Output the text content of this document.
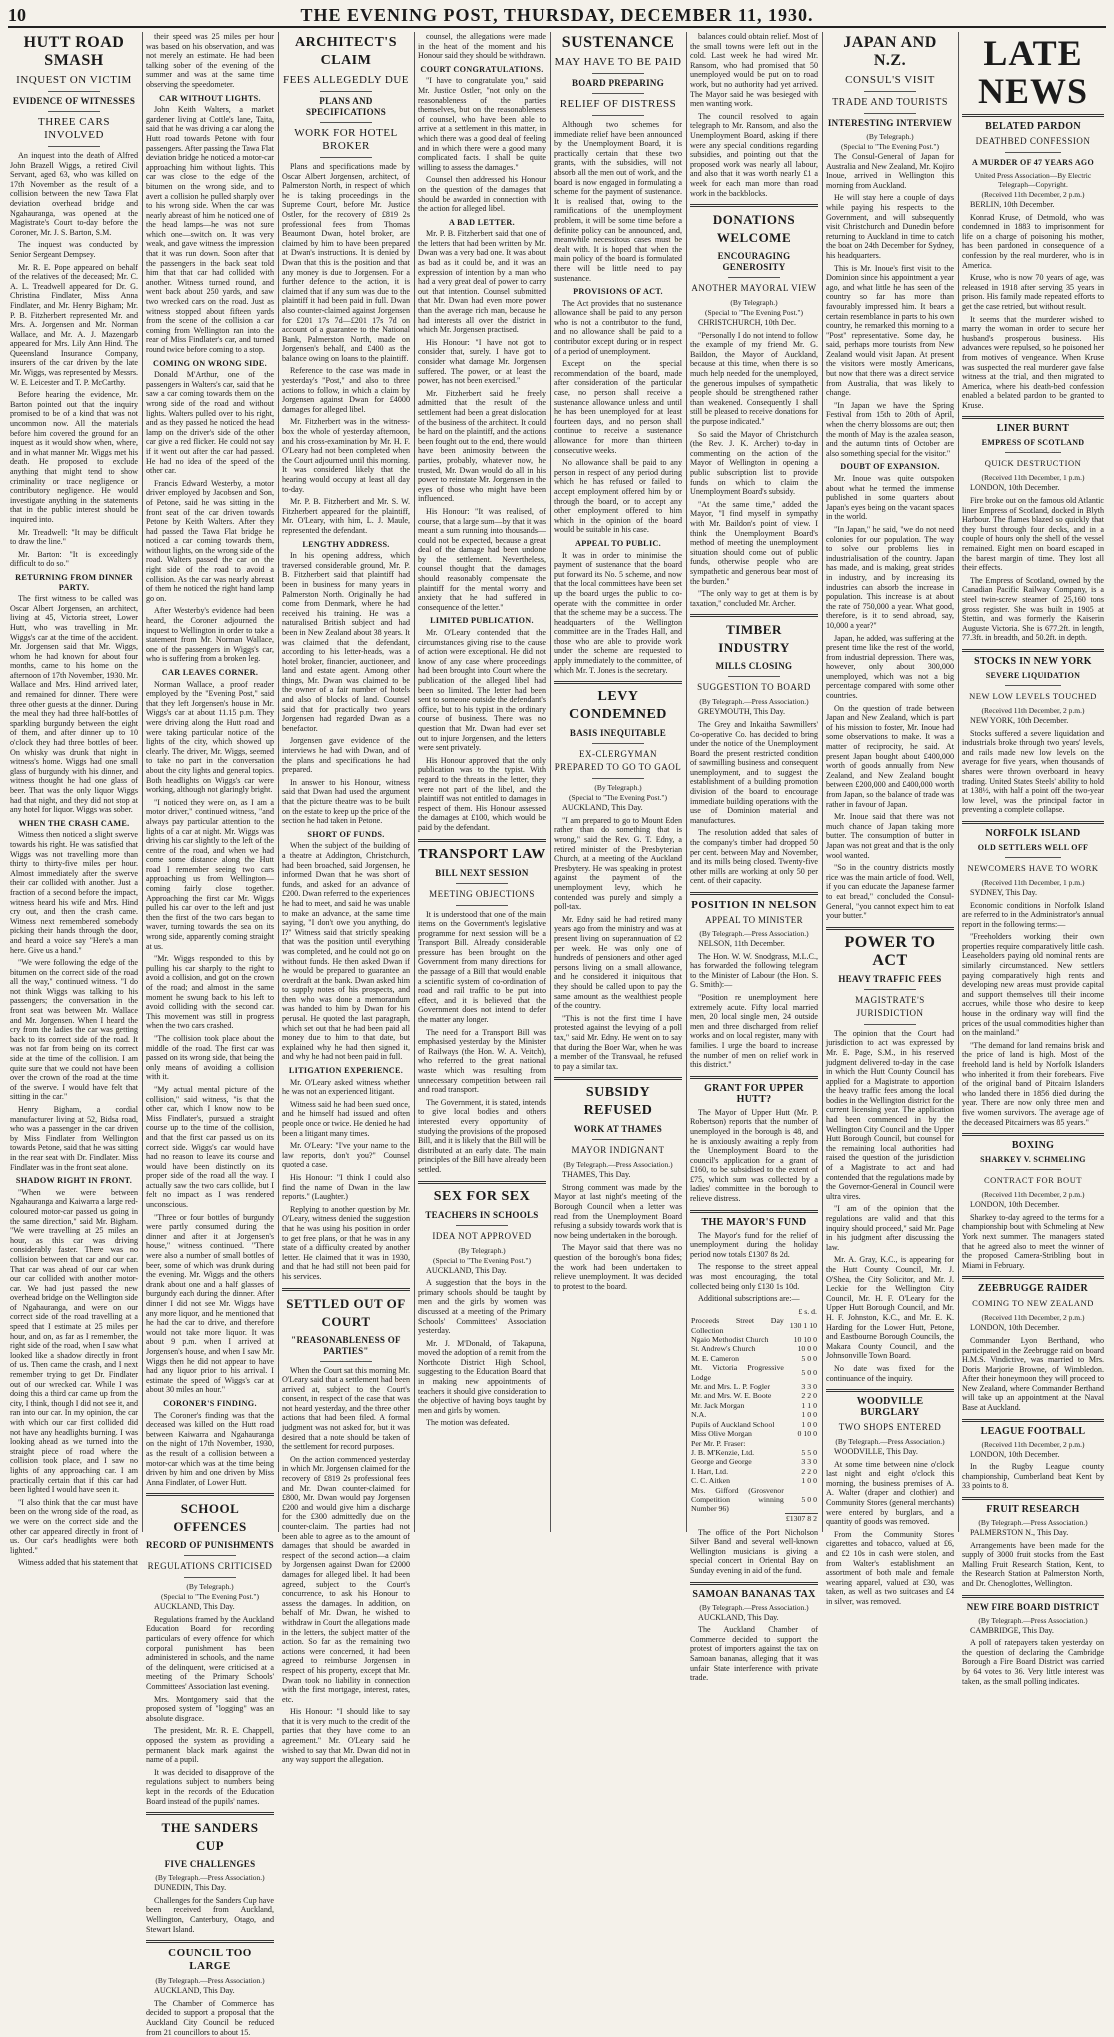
10	THE EVENING POST, THURSDAY, DECEMBER 11, 1930.
HUTT ROAD SMASH
INQUEST ON VICTIM
EVIDENCE OF WITNESSES
THREE CARS INVOLVED

An inquest into the death of Alfred John Brazell Wiggs, a retired Civil Servant, aged 63, who was killed on 17th November as the result of a collision between the new Tawa Flat deviation overhead bridge and Ngahauranga, was opened at the Magistrate's Court to-day before the Coroner, Mr. J. S. Barton, S.M.

The inquest was conducted by Senior Sergeant Dempsey.

Mr. R. E. Pope appeared on behalf of the relatives of the deceased; Mr. C. A. L. Treadwell appeared for Dr. G. Christina Findlater, Miss Anna Findlater, and Mr. Henry Bigham; Mr. P. B. Fitzherbert represented Mr. and Mrs. A. Jorgensen and Mr. Norman Wallace, and Mr. A. J. Mazengarb appeared for Mrs. Lily Ann Hind. The Queensland Insurance Company, insurers of the car driven by the late Mr. Wiggs, was represented by Messrs. W. E. Leicester and T. P. McCarthy.

Before hearing the evidence, Mr. Barton pointed out that the inquiry promised to be of a kind that was not uncommon now. All the materials before him covered the ground for an inquest as it would show when, where, and in what manner Mr. Wiggs met his death. He proposed to exclude anything that might tend to show criminality or trace negligence or contributory negligence. He would investigate anything in the statements that in the public interest should be inquired into.

Mr. Treadwell: "It may be difficult to draw the line."

Mr. Barton: "It is exceedingly difficult to do so."

RETURNING FROM DINNER PARTY.

The first witness to be called was Oscar Albert Jorgensen, an architect, living at 45, Victoria street, Lower Hutt, who was travelling in Mr. Wiggs's car at the time of the accident. Mr. Jorgensen said that Mr. Wiggs, whom he had known for about four months, came to his home on the afternoon of 17th November, 1930. Mr. Wallace and Mrs. Hind arrived later, and remained for dinner. There were three other guests at the dinner. During the meal they had three half-bottles of sparkling burgundy between the eight of them, and after dinner up to 10 o'clock they had three bottles of beer. On whisky was drunk that night in witness's home. Wiggs had one small glass of burgundy with his dinner, and witness thought he had one glass of beer. That was the only liquor Wiggs had that night, and they did not stop at any hotel for liquor. Wiggs was sober.

WHEN THE CRASH CAME.

Witness then noticed a slight swerve towards his right. He was satisfied that Wiggs was not travelling more than thirty to thirty-five miles per hour. Almost immediately after the swerve their car collided with another. Just a fraction of a second before the impact, witness heard his wife and Mrs. Hind cry out, and then the crash came. Witness next remembered somebody picking their hands through the door, and heard a voice say "Here's a man here. Give us a hand."

"We were following the edge of the bitumen on the correct side of the road all the way," continued witness. "I do not think Wiggs was talking to his passengers; the conversation in the front seat was between Mr. Wallace and Mr. Jorgensen. When I heard the cry from the ladies the car was getting back to its correct side of the road. It was not far from being on its correct side at the time of the collision. I am quite sure that we could not have been over the crown of the road at the time of the swerve. I would have felt that sitting in the car."

Henry Bigham, a cordial manufacturer living at 52, Bidsa road, who was a passenger in the car driven by Miss Findlater from Wellington towards Petone, said that he was sitting in the rear seat with Dr. Findlater. Miss Findlater was in the front seat alone.

SHADOW RIGHT IN FRONT.

"When we were between Ngahauranga and Kaiwarra a large red-coloured motor-car passed us going in the same direction," said Mr. Bigham. "We were travelling at 25 miles an hour, as this car was driving considerably faster. There was no collision between that car and our car. That car was ahead of our car when our car collided with another motor-car. We had just passed the new overhead bridge on the Wellington side of Ngahauranga, and were on our correct side of the road travelling at a speed that I estimate at 25 miles per hour, and on, as far as I remember, the right side of the road, when I saw what looked like a shadow directly in front of us. Then came the crash, and I next remember trying to get Dr. Findlater out of our wrecked car. While I was doing this a third car came up from the city, I think, though I did not see it, and ran into our car. In my opinion, the car with which our car first collided did not have any headlights burning. I was looking ahead as we turned into the straight piece of road where the collision took place, and I saw no lights of any approaching car. I am practically certain that if this car had been lighted I would have seen it.

"I also think that the car must have been on the wrong side of the road, as we were on the correct side and the other car appeared directly in front of us. Our car's headlights were both lighted."

Witness added that his statement that

their speed was 25 miles per hour was based on his observation, and was not merely an estimate. He had been talking sober of the evening of the summer and was at the same time observing the speedometer.

CAR WITHOUT LIGHTS.

John Keith Walters, a market gardener living at Cottle's lane, Taita, said that he was driving a car along the Hutt road towards Petone with four passengers. After passing the Tawa Flat deviation bridge he noticed a motor-car approaching him without lights. This car was close to the edge of the bitumen on the wrong side, and to avert a collision he pulled sharply over to his wrong side. When the car was nearly abreast of him he noticed one of the head lamps—he was not sure which one—switch on. It was very weak, and gave witness the impression that it was run down. Soon after that the passengers in the back seat told him that that car had collided with another. Witness turned round, and went back about 250 yards, and saw two wrecked cars on the road. Just as witness stopped about fifteen yards from the scene of the collision a car coming from Wellington ran into the rear of Miss Findlater's car, and turned round twice before coming to a stop.

COMING ON WRONG SIDE.

Donald M'Arthur, one of the passengers in Walters's car, said that he saw a car coming towards them on the wrong side of the road and without lights. Walters pulled over to his right, and as they passed he noticed the head lamp on the driver's side of the other car give a red flicker. He could not say if it went out after the car had passed. He had no idea of the speed of the other car.

Francis Edward Westerby, a motor driver employed by Jacobsen and Son, of Petone, said he was sitting in the front seat of the car driven towards Petone by Keith Walters. After they had passed the Tawa Flat bridge he noticed a car coming towards them, without lights, on the wrong side of the road. Walters passed the car on the right side of the road to avoid a collision. As the car was nearly abreast of them he noticed the right hand lamp go on.

After Westerby's evidence had been heard, the Coroner adjourned the inquest to Wellington in order to take a statement from Mr. Norman Wallace, one of the passengers in Wiggs's car, who is suffering from a broken leg.

CAR LEAVES CORNER.

Norman Wallace, a proof reader employed by the "Evening Post," said that they left Jorgensen's house in Mr. Wiggs's car at about 11.15 p.m. They were driving along the Hutt road and were taking particular notice of the lights of the city, which showed up clearly. The driver, Mr. Wiggs, seemed to take no part in the conversation about the city lights and general topics. Both headlights on Wiggs's car were working, although not glaringly bright.

"I noticed they were on, as I am a motor driver," continued witness, "and always pay particular attention to the lights of a car at night. Mr. Wiggs was driving his car slightly to the left of the centre of the road, and when we had come some distance along the Hutt road I remember seeing two cars approaching us from Wellington—coming fairly close together. Approaching the first car Mr. Wiggs pulled his car over to the left and just then the first of the two cars began to waver, turning towards the sea on its wrong side, apparently coming straight at us.

"Mr. Wiggs responded to this by pulling his car sharply to the right to avoid a collision, and got on the crown of the road; and almost in the same moment he swung back to his left to avoid colliding with the second car. This movement was still in progress when the two cars crashed.

"The collision took place about the middle of the road. The first car was passed on its wrong side, that being the only means of avoiding a collision with it.

"My actual mental picture of the collision," said witness, "is that the other car, which I know now to be Miss Findlater's, pursued a straight course up to the time of the collision, and that the first car passed us on its correct side. Wiggs's car would have had no reason to leave its course and would have been distinctly on its proper side of the road all the way. I actually saw the two cars collide, but I felt no impact as I was rendered unconscious.

"Three or four bottles of burgundy were partly consumed during the dinner and after it at Jorgensen's house," witness continued. "There were also a number of small bottles of beer, some of which was drunk during the evening. Mr. Wiggs and the others drank about one and a half glasses of burgundy each during the dinner. After dinner I did not see Mr. Wiggs have any more liquor, and he mentioned that he had the car to drive, and therefore would not take more liquor. It was about 9 p.m. when I arrived at Jorgensen's house, and when I saw Mr. Wiggs then he did not appear to have had any liquor prior to his arrival. I estimate the speed of Wiggs's car at about 30 miles an hour."

CORONER'S FINDING.

The Coroner's finding was that the deceased was killed on the Hutt road between Kaiwarra and Ngahauranga on the night of 17th November, 1930, as the result of a collision between a motor-car which was at the time being driven by him and one driven by Miss Anna Findlater, of Lower Hutt.

SCHOOL OFFENCES
RECORD OF PUNISHMENTS
REGULATIONS CRITICISED
(By Telegraph.)
(Special to "The Evening Post.")

AUCKLAND, This Day.

Regulations framed by the Auckland Education Board for recording particulars of every offence for which corporal punishment has been administered in schools, and the name of the delinquent, were criticised at a meeting of the Primary Schools' Committees' Association last evening.

Mrs. Montgomery said that the proposed system of "logging" was an absolute disgrace.

The president, Mr. R. E. Chappell, opposed the system as providing a permanent black mark against the name of a pupil.

It was decided to disapprove of the regulations subject to numbers being kept in the records of the Education Board instead of the pupils' names.

THE SANDERS CUP
FIVE CHALLENGES
(By Telegraph.—Press Association.)

DUNEDIN, This Day.

Challenges for the Sanders Cup have been received from Auckland, Wellington, Canterbury, Otago, and Stewart Island.

COUNCIL TOO LARGE
(By Telegraph.—Press Association.)

AUCKLAND, This Day.

The Chamber of Commerce has decided to support a proposal that the Auckland City Council be reduced from 21 councillors to about 15.

ARCHITECT'S CLAIM
FEES ALLEGEDLY DUE
PLANS AND SPECIFICATIONS
WORK FOR HOTEL BROKER

Plans and specifications made by Oscar Albert Jorgensen, architect, of Palmerston North, in respect of which he is taking proceedings in the Supreme Court, before Mr. Justice Ostler, for the recovery of £819 2s professional fees from Thomas Beaumont Dwan, hotel broker, are claimed by him to have been prepared at Dwan's instructions. It is denied by Dwan that this is the position and that any money is due to Jorgensen. For a further defence to the action, it is claimed that if any sum was due to the plaintiff it had been paid in full. Dwan also counter-claimed against Jorgensen for £201 17s 7d—£201 17s 7d on account of a guarantee to the National Bank, Palmerston North, made on Jorgensen's behalf, and £400 as the balance owing on loans to the plaintiff.

Reference to the case was made in yesterday's "Post," and also to three actions to follow, in which a claim by Jorgensen against Dwan for £4000 damages for alleged libel.

Mr. Fitzherbert was in the witness-box the whole of yesterday afternoon, and his cross-examination by Mr. H. F. O'Leary had not been completed when the Court adjourned until this morning. It was considered likely that the hearing would occupy at least all day to-day.

Mr. P. B. Fitzherbert and Mr. S. W. Fitzherbert appeared for the plaintiff, Mr. O'Leary, with him, L. J. Maule, represented the defendant.

LENGTHY ADDRESS.

In his opening address, which traversed considerable ground, Mr. P. B. Fitzherbert said that plaintiff had been in business for many years in Palmerston North. Originally he had come from Denmark, where he had received his training. He was a naturalised British subject and had been in New Zealand about 38 years. It was claimed that the defendant, according to his letter-heads, was a hotel broker, financier, auctioneer, and land and estate agent. Among other things, Mr. Dwan was claimed to be the owner of a fair number of hotels and also of blocks of land. Counsel said that for practically two years Jorgensen had regarded Dwan as a benefactor.

Jorgensen gave evidence of the interviews he had with Dwan, and of the plans and specifications he had prepared.

In answer to his Honour, witness said that Dwan had used the argument that the picture theatre was to be built on the estate to keep up the price of the section he had taken in Petone.

SHORT OF FUNDS.

When the subject of the building of a theatre at Addington, Christchurch, had been broached, said Jorgensen, he informed Dwan that he was short of funds, and asked for an advance of £200. Dwan referred to the experiences he had to meet, and said he was unable to make an advance, at the same time saying, "I don't owe you anything, do I?" Witness said that strictly speaking that was the position until everything was completed, and he could not go on without funds. He then asked Dwan if he would be prepared to guarantee an overdraft at the bank. Dwan asked him to supply notes of his prospects, and then who was done a memorandum was handed to him by Dwan for his perusal. He quoted the last paragraph, which set out that he had been paid all money due to him to that date, but explained why he had then signed it, and why he had not been paid in full.

LITIGATION EXPERIENCE.

Mr. O'Leary asked witness whether he was not an experienced litigant.

Witness said he had been sued once, and he himself had issued and often people once or twice. He denied he had been a litigant many times.

Mr. O'Leary: "I've your name to the law reports, don't you?" Counsel quoted a case.

His Honour: "I think I could also find the name of Dwan in the law reports." (Laughter.)

Replying to another question by Mr. O'Leary, witness denied the suggestion that he was using his position in order to get free plans, or that he was in any state of a difficulty created by another letter. He claimed that it was in 1930, and that he had still not been paid for his services.

SETTLED OUT OF COURT
"REASONABLENESS OF PARTIES"

When the Court sat this morning Mr. O'Leary said that a settlement had been arrived at, subject to the Court's consent, in respect of the case that was not heard yesterday, and the three other actions that had been filed. A formal judgment was not asked for, but it was desired that a note should be taken of the settlement for record purposes.

On the action commenced yesterday in which Mr. Jorgensen claimed for the recovery of £819 2s professional fees and Mr. Dwan counter-claimed for £800, Mr. Dwan would pay Jorgensen £200 and would give him a discharge for the £300 admittedly due on the counter-claim. The parties had not been able to agree as to the amount of damages that should be awarded in respect of the second action—a claim by Jorgensen against Dwan for £2000 damages for alleged libel. It had been agreed, subject to the Court's concurrence, to ask his Honour to assess the damages. In addition, on behalf of Mr. Dwan, he wished to withdraw in Court the allegations made in the letters, the subject matter of the action. So far as the remaining two actions were concerned, it had been agreed to reimburse Jorgensen in respect of his property, except that Mr. Dwan took no liability in connection with the first mortgage, interest, rates, etc.

His Honour: "I should like to say that it is very much to the credit of the parties that they have come to an agreement." Mr. O'Leary said he wished to say that Mr. Dwan did not in any way support the allegation.

counsel, the allegations were made in the heat of the moment and his Honour said they should be withdrawn.

COURT CONGRATULATIONS.

"I have to congratulate you," said Mr. Justice Ostler, "not only on the reasonableness of the parties themselves, but on the reasonableness of counsel, who have been able to arrive at a settlement in this matter, in which there was a good deal of feeling and in which there were a good many complicated facts. I shall be quite willing to assess the damages."

Counsel then addressed his Honour on the question of the damages that should be awarded in connection with the action for alleged libel.

A BAD LETTER.

Mr. P. B. Fitzherbert said that one of the letters that had been written by Mr. Dwan was a very bad one. It was about as bad as it could be, and it was an expression of intention by a man who had a very great deal of power to carry out that intention. Counsel submitted that Mr. Dwan had even more power than the average rich man, because he had interests all over the district in which Mr. Jorgensen practised.

His Honour: "I have not got to consider that, surely. I have got to consider what damage Mr. Jorgensen suffered. The power, or at least the power, has not been exercised."

Mr. Fitzherbert said he freely admitted that the result of the settlement had been a great dislocation of the business of the architect. It could be hard on the plaintiff, and the actions been fought out to the end, there would have been animosity between the parties, probably, whatever now, he trusted, Mr. Dwan would do all in his power to reinstate Mr. Jorgensen in the eyes of those who might have been influenced.

His Honour: "It was realised, of course, that a large sum—by that it was meant a sum running into thousands—could not be expected, because a great deal of the damage had been undone by the settlement. Nevertheless, counsel thought that the damages should reasonably compensate the plaintiff for the mental worry and anxiety that he had suffered in consequence of the letter."

LIMITED PUBLICATION.

Mr. O'Leary contended that the circumstances giving rise to the cause of action were exceptional. He did not know of any case where proceedings had been brought into Court where the publication of the alleged libel had been so limited. The letter had been sent to someone outside the defendant's office, but to his typist in the ordinary course of business. There was no question that Mr. Dwan had ever set out to injure Jorgensen, and the letters were sent privately.

His Honour approved that the only publication was to the typist. With regard to the threats in the letter, they were not part of the libel, and the plaintiff was not entitled to damages in respect of them. His Honour assessed the damages at £100, which would be paid by the defendant.

TRANSPORT LAW
BILL NEXT SESSION
MEETING OBJECTIONS

It is understood that one of the main items on the Government's legislative programme for next session will be a Transport Bill. Already considerable pressure has been brought on the Government from many directions for the passage of a Bill that would enable a scientific system of co-ordination of road and rail traffic to be put into effect, and it is believed that the Government does not intend to defer the matter any longer.

The need for a Transport Bill was emphasised yesterday by the Minister of Railways (the Hon. W. A. Veitch), who referred to the great national waste which was resulting from unnecessary competition between rail and road transport.

The Government, it is stated, intends to give local bodies and others interested every opportunity of studying the provisions of the proposed Bill, and it is likely that the Bill will be distributed at an early date. The main principles of the Bill have already been settled.

SEX FOR SEX
TEACHERS IN SCHOOLS
IDEA NOT APPROVED
(By Telegraph.)
(Special to "The Evening Post.")

AUCKLAND, This Day.

A suggestion that the boys in the primary schools should be taught by men and the girls by women was discussed at a meeting of the Primary Schools' Committees' Association yesterday.

Mr. J. M'Donald, of Takapuna, moved the adoption of a remit from the Northcote District High School, suggesting to the Education Board that in making new appointments of teachers it should give consideration to the objective of having boys taught by men and girls by women.

The motion was defeated.

SUSTENANCE
MAY HAVE TO BE PAID
BOARD PREPARING
RELIEF OF DISTRESS

Although two schemes for immediate relief have been announced by the Unemployment Board, it is practically certain that these two grants, with the subsidies, will not absorb all the men out of work, and the board is now engaged in formulating a scheme for the payment of sustenance. It is realised that, owing to the ramifications of the unemployment problem, it will be some time before a definite policy can be announced, and, meanwhile necessitous cases must be dealt with. It is hoped that when the main policy of the board is formulated there will be little need to pay sustenance.

PROVISIONS OF ACT.

The Act provides that no sustenance allowance shall be paid to any person who is not a contributor to the fund, and no allowance shall be paid to a contributor except during or in respect of a period of unemployment.

Except on the special recommendation of the board, made after consideration of the particular case, no person shall receive a sustenance allowance unless and until he has been unemployed for at least fourteen days, and no person shall continue to receive a sustenance allowance for more than thirteen consecutive weeks.

No allowance shall be paid to any person in respect of any period during which he has refused or failed to accept employment offered him by or through the board, or to accept any other employment offered to him which in the opinion of the board would be suitable in his case.

APPEAL TO PUBLIC.

It was in order to minimise the payment of sustenance that the board put forward its No. 5 scheme, and now that the local committees have been set up the board urges the public to co-operate with the committee in order that the scheme may be a success. The headquarters of the Wellington committee are in the Trades Hall, and those who are able to provide work under the scheme are requested to apply immediately to the committee, of which Mr. T. Jones is the secretary.

LEVY CONDEMNED
BASIS INEQUITABLE
EX-CLERGYMAN PREPARED TO GO TO GAOL
(By Telegraph.)
(Special to "The Evening Post.")

AUCKLAND, This Day.

"I am prepared to go to Mount Eden rather than do something that is wrong," said the Rev. G. T. Edny, a retired minister of the Presbyterian Church, at a meeting of the Auckland Presbytery. He was speaking in protest against the payment of the unemployment levy, which he contended was purely and simply a poll-tax.

Mr. Edny said he had retired many years ago from the ministry and was at present living on superannuation of £2 per week. He was only one of hundreds of pensioners and other aged persons living on a small allowance, and he considered it iniquitous that they should be called upon to pay the same amount as the wealthiest people of the country.

"This is not the first time I have protested against the levying of a poll tax," said Mr. Edny. He went on to say that during the Boer War, when he was a member of the Transvaal, he refused to pay a similar tax.

SUBSIDY REFUSED
WORK AT THAMES
MAYOR INDIGNANT
(By Telegraph.—Press Association.)

THAMES, This Day.

Strong comment was made by the Mayor at last night's meeting of the Borough Council when a letter was read from the Unemployment Board refusing a subsidy towards work that is now being undertaken in the borough.

The Mayor said that there was no question of the borough's bona fides; the work had been undertaken to relieve unemployment. It was decided to protest to the board.

balances could obtain relief. Most of the small towns were left out in the cold. Last week he had wired Mr. Ransom, who had promised that 50 unemployed would be put on to road work, but no authority had yet arrived. The Mayor said he was besieged with men wanting work.

The council resolved to again telegraph to Mr. Ransom, and also the Unemployment Board, asking if there were any special conditions regarding subsidies, and pointing out that the proposed work was nearly all labour, and also that it was worth nearly £1 a week for each man more than road work in the backblocks.

DONATIONS WELCOME
ENCOURAGING GENEROSITY
ANOTHER MAYORAL VIEW
(By Telegraph.)
(Special to "The Evening Post.")

CHRISTCHURCH, 10th Dec.

"Personally I do not intend to follow the example of my friend Mr. G. Baildon, the Mayor of Auckland, because at this time, when there is so much help needed for the unemployed, the generous impulses of sympathetic people should be strengthened rather than weakened. Consequently I shall still be pleased to receive donations for the purpose indicated."

So said the Mayor of Christchurch (the Rev. J. K. Archer) to-day in commenting on the action of the Mayor of Wellington in opening a public subscription list to provide funds on which to claim the Unemployment Board's subsidy.

"At the same time," added the Mayor, "I find myself in sympathy with Mr. Baildon's point of view. I think the Unemployment Board's method of meeting the unemployment situation should come out of public funds, otherwise people who are sympathetic and generous bear most of the burden."

"The only way to get at them is by taxation," concluded Mr. Archer.

TIMBER INDUSTRY
MILLS CLOSING
SUGGESTION TO BOARD
(By Telegraph.—Press Association.)

GREYMOUTH, This Day.

The Grey and Inkaitha Sawmillers' Co-operative Co. has decided to bring under the notice of the Unemployment Board the present restricted condition of sawmilling business and consequent unemployment, and to suggest the establishment of a building promotion division of the board to encourage immediate building operations with the use of Dominion material and manufactures.

The resolution added that sales of the company's timber had dropped 50 per cent. between May and November, and its mills being closed. Twenty-five other mills are working at only 50 per cent. of their capacity.

POSITION IN NELSON
APPEAL TO MINISTER
(By Telegraph.—Press Association.)

NELSON, 11th December.

The Hon. W. W. Snodgrass, M.L.C., has forwarded the following telegram to the Minister of Labour (the Hon. S. G. Smith):—

"Position re unemployment here extremely acute. Fifty local married men, 20 local single men, 24 outside men and three discharged from relief works and on local register, many with families. I urge the board to increase the number of men on relief work in this district."

GRANT FOR UPPER HUTT?

The Mayor of Upper Hutt (Mr. P. Robertson) reports that the number of unemployed in the borough is 48, and he is anxiously awaiting a reply from the Unemployment Board to the council's application for a grant of £160, to be subsidised to the extent of £75, which sum was collected by a ladies' committee in the borough to relieve distress.

THE MAYOR'S FUND

The Mayor's fund for the relief of unemployment during the holiday period now totals £1307 8s 2d.

The response to the street appeal was most encouraging, the total collected being only £130 1s 10d.

Additional subscriptions are:—

	£ s. d.
Proceeds Street Day Collection	130 1 10
Ngaio Methodist Church	10 10 0
St. Andrew's Church	10 0 0
M. E. Cameron	5 0 0
Mt. Victoria Progressive Lodge	5 0 0
Mr. and Mrs. L. P. Fogler	3 3 0
Mr. and Mrs. W. E. Boote	2 2 0
Mr. Jack Morgan	1 1 0
N.A.	1 0 0
Pupils of Auckland School	1 0 0
Miss Olive Morgan	0 10 0
Per Mr. P. Fraser:	
J. B. M'Kenzie, Ltd.	5 5 0
George and George	3 3 0
I. Hart, Ltd.	2 2 0
C. C. Aitken	1 0 0
Mrs. Gifford (Grosvenor Competition winning Number 96)	5 0 0
	£1307 8 2

The office of the Port Nicholson Silver Band and several well-known Wellington musicians is giving a special concert in Oriental Bay on Sunday evening in aid of the fund.

SAMOAN BANANAS TAX
(By Telegraph.—Press Association.)

AUCKLAND, This Day.

The Auckland Chamber of Commerce decided to support the protest of importers against the tax on Samoan bananas, alleging that it was unfair State interference with private trade.

JAPAN AND N.Z.
CONSUL'S VISIT
TRADE AND TOURISTS
INTERESTING INTERVIEW
(By Telegraph.)
(Special to "The Evening Post.")

The Consul-General of Japan for Australia and New Zealand, Mr. Kojiro Inoue, arrived in Wellington this morning from Auckland.

He will stay here a couple of days while paying his respects to the Government, and will subsequently visit Christchurch and Dunedin before returning to Auckland in time to catch the boat on 24th December for Sydney, his headquarters.

This is Mr. Inoue's first visit to the Dominion since his appointment a year ago, and what little he has seen of the country so far has more than favourably impressed him. It bears a certain resemblance in parts to his own country, he remarked this morning to a "Post" representative. Some day, he said, perhaps more tourists from New Zealand would visit Japan. At present the visitors were mostly Americans, but now that there was a direct service from Australia, that was likely to change.

"In Japan we have the Spring Festival from 15th to 20th of April, when the cherry blossoms are out; then the month of May is the azalea season, and the autumn tints of October are also something special for the visitor."

DOUBT OF EXPANSION.

Mr. Inoue was quite outspoken about what he termed the immense published in some quarters about Japan's eyes being on the vacant spaces in the world.

"In Japan," he said, "we do not need colonies for our population. The way to solve our problems lies in industrialisation of the country. Japan has made, and is making, great strides in industry, and by increasing its industries can absorb the increase in population. This increase is at about the rate of 750,000 a year. What good, therefore, is it to send abroad, say, 10,000 a year?"

Japan, he added, was suffering at the present time like the rest of the world, from industrial depression. There was, however, only about 300,000 unemployed, which was not a big percentage compared with some other countries.

On the question of trade between Japan and New Zealand, which is part of his mission to foster, Mr. Inoue had some observations to make. It was a matter of reciprocity, he said. At present Japan bought about £400,000 worth of goods annually from New Zealand, and New Zealand bought between £200,000 and £400,000 worth from Japan, so the balance of trade was rather in favour of Japan.

Mr. Inoue said that there was not much chance of Japan taking more butter. The consumption of butter in Japan was not great and that is the only wool wanted.

"So in the country districts mostly rice was the main article of food. Well, if you can educate the Japanese farmer to eat bread," concluded the Consul-General, "you cannot expect him to eat your butter."

POWER TO ACT
HEAVY TRAFFIC FEES
MAGISTRATE'S JURISDICTION

The opinion that the Court had jurisdiction to act was expressed by Mr. E. Page, S.M., in his reserved judgment delivered to-day in the case in which the Hutt County Council has applied for a Magistrate to apportion the heavy traffic fees among the local bodies in the Wellington district for the current licensing year. The application had been commenced in by the Wellington City Council and the Upper Hutt Borough Council, but counsel for the remaining local authorities had raised the question of the jurisdiction of a Magistrate to act and had contended that the regulations made by the Governor-General in Council were ultra vires.

"I am of the opinion that the regulations are valid and that this inquiry should proceed," said Mr. Page in his judgment after discussing the law.

Mr. A. Gray, K.C., is appearing for the Hutt County Council, Mr. J. O'Shea, the City Solicitor, and Mr. J. Leckie for the Wellington City Council, Mr. H. F. O'Leary for the Upper Hutt Borough Council, and Mr. H. F. Johnston, K.C., and Mr. E. K. Harding for the Lower Hutt, Petone, and Eastbourne Borough Councils, the Makara County Council, and the Johnsonville Town Board.

No date was fixed for the continuance of the inquiry.

WOODVILLE BURGLARY
TWO SHOPS ENTERED
(By Telegraph.—Press Association.)

WOODVILLE, This Day.

At some time between nine o'clock last night and eight o'clock this morning, the business premises of A. A. Walter (draper and clothier) and Community Stores (general merchants) were entered by burglars, and a quantity of goods was removed.

From the Community Stores cigarettes and tobacco, valued at £6, and £2 10s in cash were stolen, and from Walter's establishment an assortment of both male and female wearing apparel, valued at £30, was taken, as well as two suitcases and £4 in silver, was removed.

LATE NEWS
BELATED PARDON
DEATHBED CONFESSION
A MURDER OF 47 YEARS AGO
United Press Association—By Electric Telegraph—Copyright.
(Received 11th December, 2 p.m.)

BERLIN, 10th December.

Konrad Kruse, of Detmold, who was condemned in 1883 to imprisonment for life on a charge of poisoning his mother, has been pardoned in consequence of a confession by the real murderer, who is in America.

Kruse, who is now 70 years of age, was released in 1918 after serving 35 years in prison. His family made repeated efforts to get the case retried, but without result.

It seems that the murderer wished to marry the woman in order to secure her husband's prosperous business. His advances were repulsed, so he poisoned her from motives of vengeance. When Kruse was suspected the real murderer gave false witness at the trial, and then migrated to America, where his death-bed confession enabled a belated pardon to be granted to Kruse.

LINER BURNT
EMPRESS OF SCOTLAND
QUICK DESTRUCTION
(Received 11th December, 1 p.m.)

LONDON, 10th December.

Fire broke out on the famous old Atlantic liner Empress of Scotland, docked in Blyth Harbour. The flames blazed so quickly that they burst through four decks, and in a couple of hours only the shell of the vessel remained. Eight men on board escaped in the barest margin of time. They lost all their effects.

The Empress of Scotland, owned by the Canadian Pacific Railway Company, is a steel twin-screw steamer of 25,160 tons gross register. She was built in 1905 at Stettin, and was formerly the Kaiserin Auguste Victoria. She is 677.2ft. in length, 77.3ft. in breadth, and 50.2ft. in depth.

STOCKS IN NEW YORK
SEVERE LIQUIDATION
NEW LOW LEVELS TOUCHED
(Received 11th December, 2 p.m.)

NEW YORK, 10th December.

Stocks suffered a severe liquidation and industrials broke through two years' levels, and rails made new low levels on the average for five years, when thousands of shares were thrown overboard in heavy trading. United States Steels' ability to hold at 138½, with half a point off the two-year low level, was the principal factor in preventing a complete collapse.

NORFOLK ISLAND
OLD SETTLERS WELL OFF
NEWCOMERS HAVE TO WORK
(Received 11th December, 1 p.m.)

SYDNEY, This Day.

Economic conditions in Norfolk Island are referred to in the Administrator's annual report in the following terms:—

"Freeholders working their own properties require comparatively little cash. Leaseholders paying old nominal rents are similarly circumstanced. New settlers paying comparatively high rents and developing new areas must provide capital and support themselves till their income accrues, while those who desire to keep house in the ordinary way will find the prices of the usual commodities higher than on the mainland."

"The demand for land remains brisk and the price of land is high. Most of the freehold land is held by Norfolk Islanders who inherited it from their forebears. Five of the original band of Pitcairn Islanders who landed there in 1856 died during the year. There are now only three men and five women survivors. The average age of the deceased Pitcairners was 85 years."

BOXING
SHARKEY V. SCHMELING
CONTRACT FOR BOUT
(Received 11th December, 2 p.m.)

LONDON, 10th December.

Sharkey to-day agreed to the terms for a championship bout with Schmeling at New York next summer. The managers stated that he agreed also to meet the winner of the proposed Camera-Stribling bout in Miami in February.

ZEEBRUGGE RAIDER
COMING TO NEW ZEALAND
(Received 11th December, 2 p.m.)

LONDON, 10th December.

Commander Lyon Berthand, who participated in the Zeebrugge raid on board H.M.S. Vindictive, was married to Mrs. Doris Marjorie Browne, of Wimbledon. After their honeymoon they will proceed to New Zealand, where Commander Berthand will take up an appointment at the Naval Base at Auckland.

LEAGUE FOOTBALL
(Received 11th December, 2 p.m.)

LONDON, 10th December.

In the Rugby League county championship, Cumberland beat Kent by 33 points to 8.

FRUIT RESEARCH
(By Telegraph.—Press Association.)

PALMERSTON N., This Day.

Arrangements have been made for the supply of 3000 fruit stocks from the East Malling Fruit Research Station, Kent, to the Research Station at Palmerston North, and Dr. Chenoglottes, Wellington.

NEW FIRE BOARD DISTRICT
(By Telegraph.—Press Association.)

CAMBRIDGE, This Day.

A poll of ratepayers taken yesterday on the question of declaring the Cambridge Borough a Fire Board District was carried by 64 votes to 36. Very little interest was taken, as the small polling indicates.
